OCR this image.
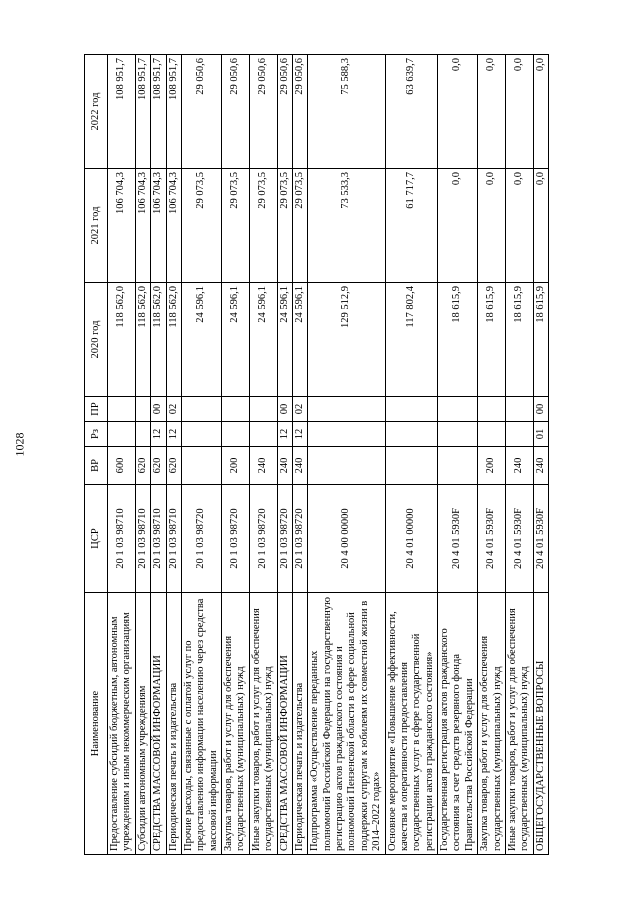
1028
Наименование	ЦСР	ВР	Рз	ПР	2020 год	2021 год	2022 год
Предоставление субсидий бюджетным, автономным учреждениям и иным некоммерческим организациям	20 1 03 98710	600			118 562,0	106 704,3	108 951,7
Субсидии автономным учреждениям	20 1 03 98710	620			118 562,0	106 704,3	108 951,7
СРЕДСТВА МАССОВОЙ ИНФОРМАЦИИ	20 1 03 98710	620	12	00	118 562,0	106 704,3	108 951,7
Периодическая печать и издательства	20 1 03 98710	620	12	02	118 562,0	106 704,3	108 951,7
Прочие расходы, связанные с оплатой услуг по предоставлению информации населению через средства массовой информации	20 1 03 98720				24 596,1	29 073,5	29 050,6
Закупка товаров, работ и услуг для обеспечения государственных (муниципальных) нужд	20 1 03 98720	200			24 596,1	29 073,5	29 050,6
Иные закупки товаров, работ и услуг для обеспечения государственных (муниципальных) нужд	20 1 03 98720	240			24 596,1	29 073,5	29 050,6
СРЕДСТВА МАССОВОЙ ИНФОРМАЦИИ	20 1 03 98720	240	12	00	24 596,1	29 073,5	29 050,6
Периодическая печать и издательства	20 1 03 98720	240	12	02	24 596,1	29 073,5	29 050,6
Подпрограмма «Осуществление переданных полномочий Российской Федерации на государственную регистрацию актов гражданского состояния и полномочий Пензенской области в сфере социальной поддержки супругам к юбилеям их совместной жизни в 2014–2022 годах»	20 4 00 00000				129 512,9	73 533,3	75 588,3
Основное мероприятие «Повышение эффективности, качества и оперативности предоставления государственных услуг в сфере государственной регистрации актов гражданского состояния»	20 4 01 00000				117 802,4	61 717,7	63 639,7
Государственная регистрация актов гражданского состояния за счет средств резервного фонда Правительства Российской Федерации	20 4 01 5930F				18 615,9	0,0	0,0
Закупка товаров, работ и услуг для обеспечения государственных (муниципальных) нужд	20 4 01 5930F	200			18 615,9	0,0	0,0
Иные закупки товаров, работ и услуг для обеспечения государственных (муниципальных) нужд	20 4 01 5930F	240			18 615,9	0,0	0,0
ОБЩЕГОСУДАРСТВЕННЫЕ ВОПРОСЫ	20 4 01 5930F	240	01	00	18 615,9	0,0	0,0
